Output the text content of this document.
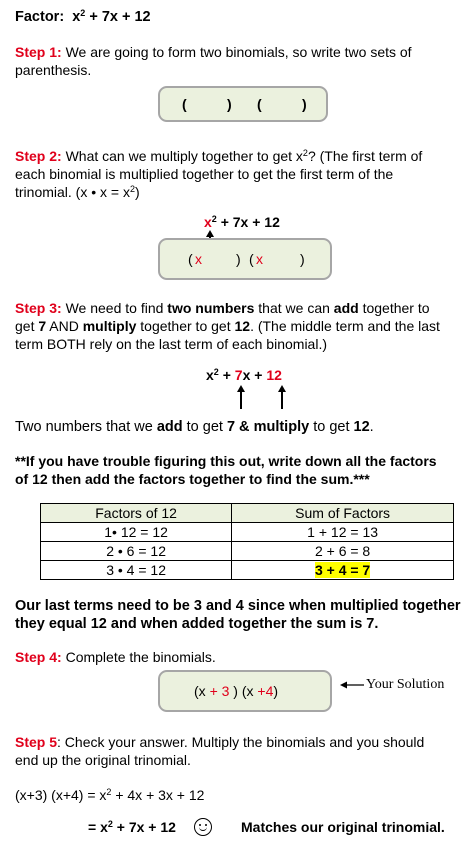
Factor: $x^2 + 7x + 12$
Step 1: We are going to form two binomials, so write two sets of
parenthesis.
(	) (	)
Step 2: What can we multiply together to get $x^2$? (The first term of
each binomial is multiplied together to get the first term of the
trinomial. (x • $x = x^2$)
$x^2 + 7x + 12$
( x ) ( x	)
Step 3: We need to find two numbers that we can add together to
get 7 AND multiply together to get 12. (The middle term and the last
term BOTH rely on the last term of each binomial.)
$x^2 + 7x + 12$
Two numbers that we add to get 7 & multiply to get 12.
**If you have trouble figuring this out, write down all the factors
of 12 then add the factors together to find the sum.***
Factors of 12	Sum of Factors
1• 12 = 12	1 + 12 = 13
2 • 6 = 12	2 + 6 = 8
3 • 4 = 12	3 + 4 = 7
Our last terms need to be 3 and 4 since when multiplied together
they equal 12 and when added together the sum is 7.
Step 4: Complete the binomials.
(x + 3 ) (x +4)	Your Solution
Step 5: Check your answer. Multiply the binomials and you should
end up the original trinomial.
(x+3) $(x+4) = x^2 + 4x + 3x + 12$
= $x^2 + 7x + 12$	Matches our original trinomial.
